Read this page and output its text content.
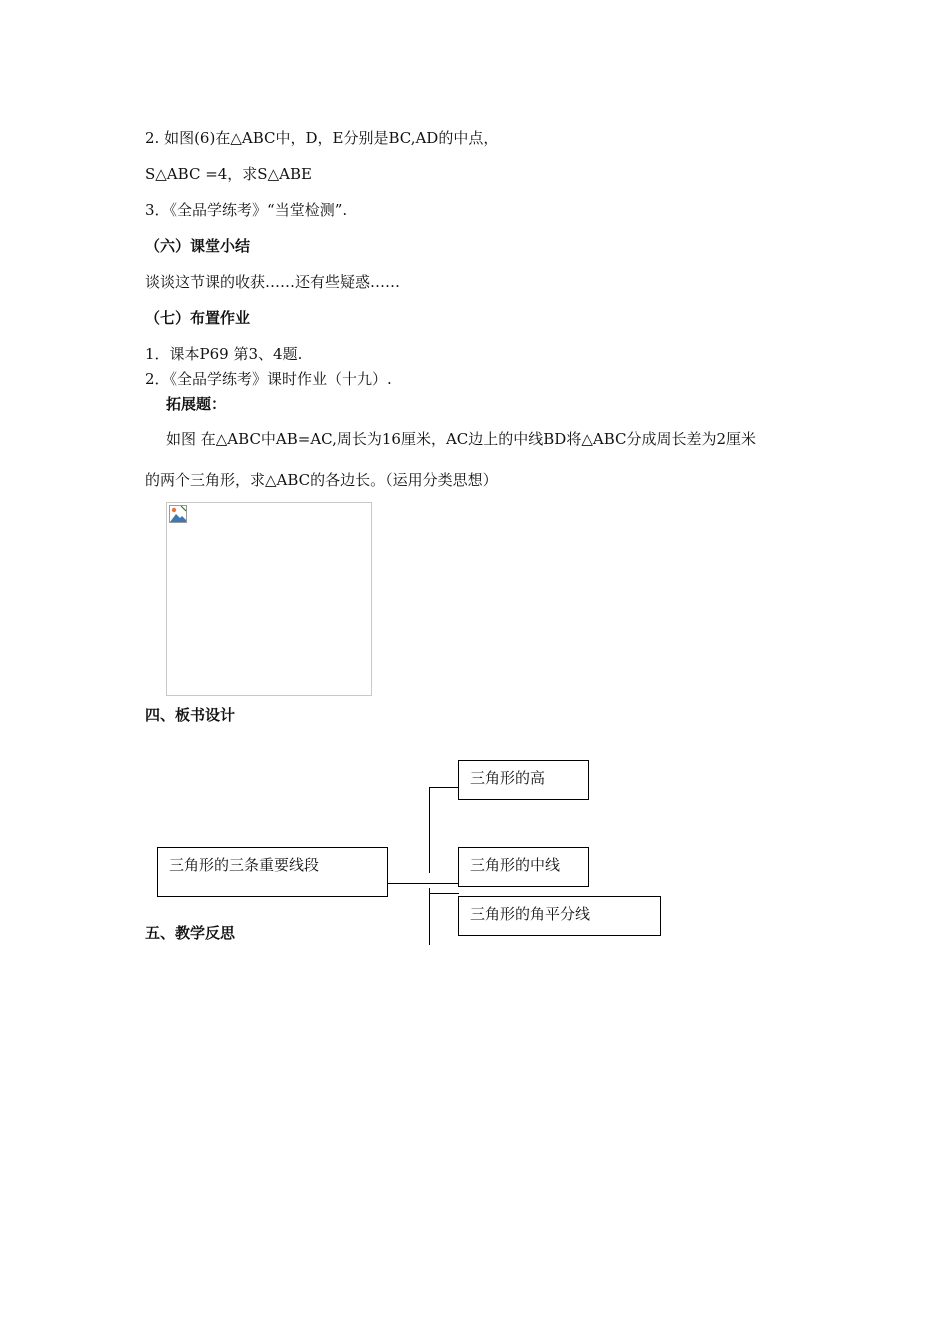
2. 如图(6)在△ABC中，D，E分别是BC,AD的中点，
S△ABC =4，求S△ABE
3．《全品学练考》“当堂检测”.
（六）课堂小结
谈谈这节课的收获……还有些疑惑……
（七）布置作业
1．课本P69 第3、4题.
2．《全品学练考》课时作业（十九）.
拓展题：
如图 在△ABC中AB=AC,周长为16厘米，AC边上的中线BD将△ABC分成周长差为2厘米
的两个三角形，求△ABC的各边长。（运用分类思想）
四、板书设计
三角形的三条重要线段
三角形的高
三角形的中线
三角形的角平分线
五、教学反思
